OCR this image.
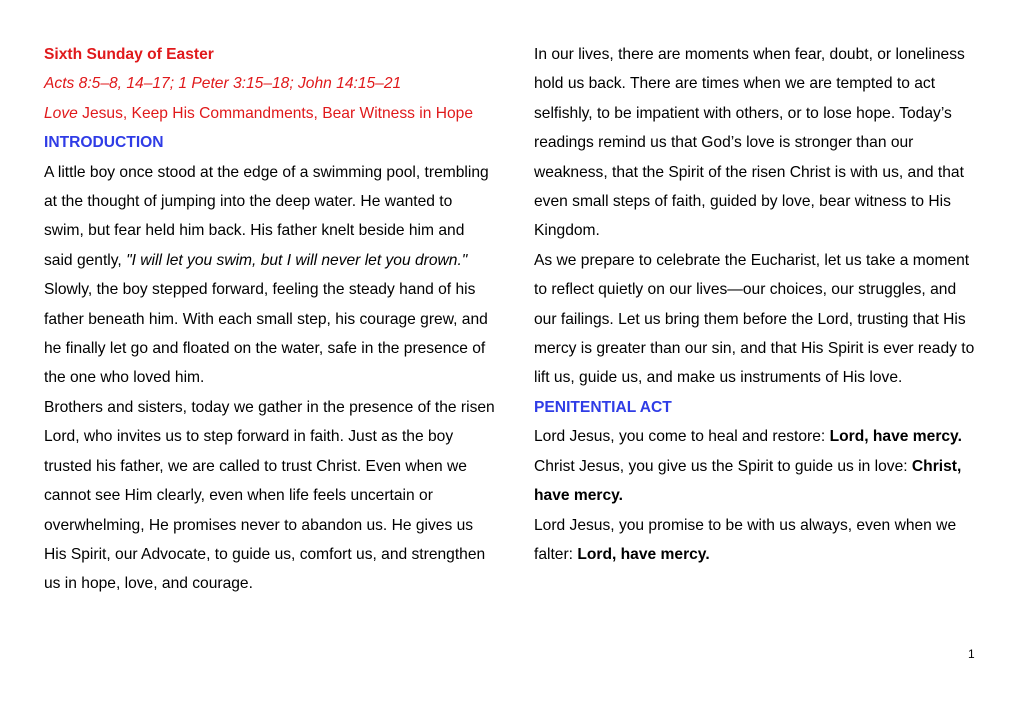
Sixth Sunday of Easter

Acts 8:5–8, 14–17; 1 Peter 3:15–18; John 14:15–21

Love Jesus, Keep His Commandments, Bear Witness in Hope INTRODUCTION

A little boy once stood at the edge of a swimming pool, trembling at the thought of jumping into the deep water. He wanted to swim, but fear held him back. His father knelt beside him and said gently, "I will let you swim, but I will never let you drown."

Slowly, the boy stepped forward, feeling the steady hand of his father beneath him. With each small step, his courage grew, and he finally let go and floated on the water, safe in the presence of the one who loved him.

Brothers and sisters, today we gather in the presence of the risen Lord, who invites us to step forward in faith. Just as the boy trusted his father, we are called to trust Christ. Even when we cannot see Him clearly, even when life feels uncertain or overwhelming, He promises never to abandon us. He gives us His Spirit, our Advocate, to guide us, comfort us, and strengthen us in hope, love, and courage.

In our lives, there are moments when fear, doubt, or loneliness hold us back. There are times when we are tempted to act selfishly, to be impatient with others, or to lose hope. Today’s readings remind us that God’s love is stronger than our weakness, that the Spirit of the risen Christ is with us, and that even small steps of faith, guided by love, bear witness to His Kingdom.

As we prepare to celebrate the Eucharist, let us take a moment to reflect quietly on our lives—our choices, our struggles, and our failings. Let us bring them before the Lord, trusting that His mercy is greater than our sin, and that His Spirit is ever ready to lift us, guide us, and make us instruments of His love.

PENITENTIAL ACT

Lord Jesus, you come to heal and restore: Lord, have mercy.

Christ Jesus, you give us the Spirit to guide us in love: Christ, have mercy.

Lord Jesus, you promise to be with us always, even when we falter: Lord, have mercy.

1
